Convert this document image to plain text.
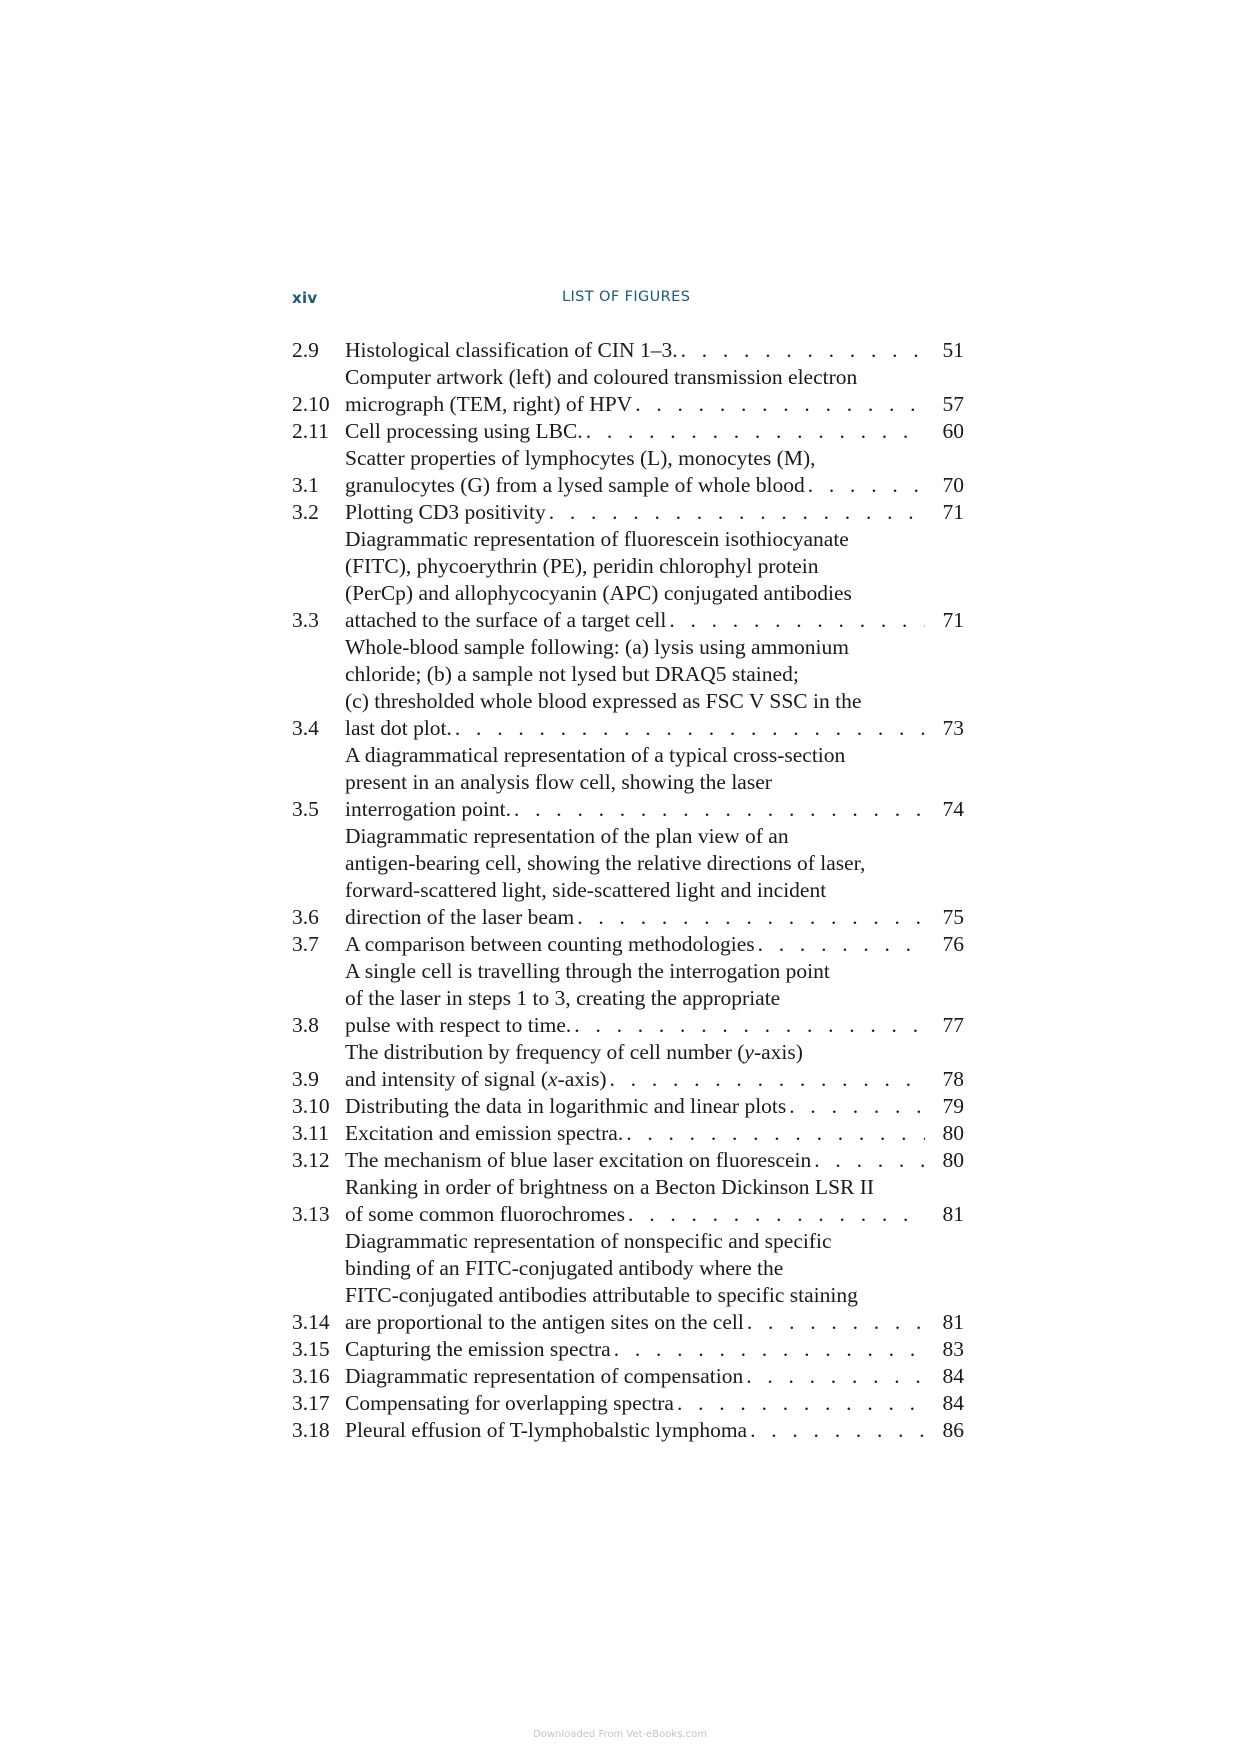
xiv	LIST OF FIGURES
2.9	Histological classification of CIN 1–3. . . .	51
2.10
Computer artwork (left) and coloured transmission electron
micrograph (TEM, right) of HPV . . .	57
2.11 Cell processing using LBC. . . .	60
3.1
Scatter properties of lymphocytes (L), monocytes (M),
granulocytes (G) from a lysed sample of whole blood . . .	70
3.2	Plotting CD3 positivity . . .	71
3.3
Diagrammatic representation of fluorescein isothiocyanate
(FITC), phycoerythrin (PE), peridin chlorophyl protein
(PerCp) and allophycocyanin (APC) conjugated antibodies
attached to the surface of a target cell . . .	71
3.4
Whole-blood sample following: (a) lysis using ammonium
chloride; (b) a sample not lysed but DRAQ5 stained;
(c) thresholded whole blood expressed as FSC V SSC in the
last dot plot. . . .	73
3.5
A diagrammatical representation of a typical cross-section
present in an analysis flow cell, showing the laser
interrogation point. . . .	74
3.6
Diagrammatic representation of the plan view of an
antigen-bearing cell, showing the relative directions of laser,
forward-scattered light, side-scattered light and incident
direction of the laser beam . . .	75
3.7	A comparison between counting methodologies . . .	76
3.8
A single cell is travelling through the interrogation point
of the laser in steps 1 to 3, creating the appropriate
pulse with respect to time. . . .	77
3.9
The distribution by frequency of cell number (y-axis)
and intensity of signal (x-axis) . . .	78
3.10 Distributing the data in logarithmic and linear plots . . .	79
3.11 Excitation and emission spectra. . . .	80
3.12 The mechanism of blue laser excitation on fluorescein . . .	80
3.13
Ranking in order of brightness on a Becton Dickinson LSR II
of some common fluorochromes . . .	81
3.14
Diagrammatic representation of nonspecific and specific
binding of an FITC-conjugated antibody where the
FITC-conjugated antibodies attributable to specific staining
are proportional to the antigen sites on the cell . . .	81
3.15 Capturing the emission spectra . . .	83
3.16 Diagrammatic representation of compensation . . .	84
3.17 Compensating for overlapping spectra . . .	84
3.18 Pleural effusion of T-lymphobalstic lymphoma . . .	86
Downloaded From Vet-eBooks.com
